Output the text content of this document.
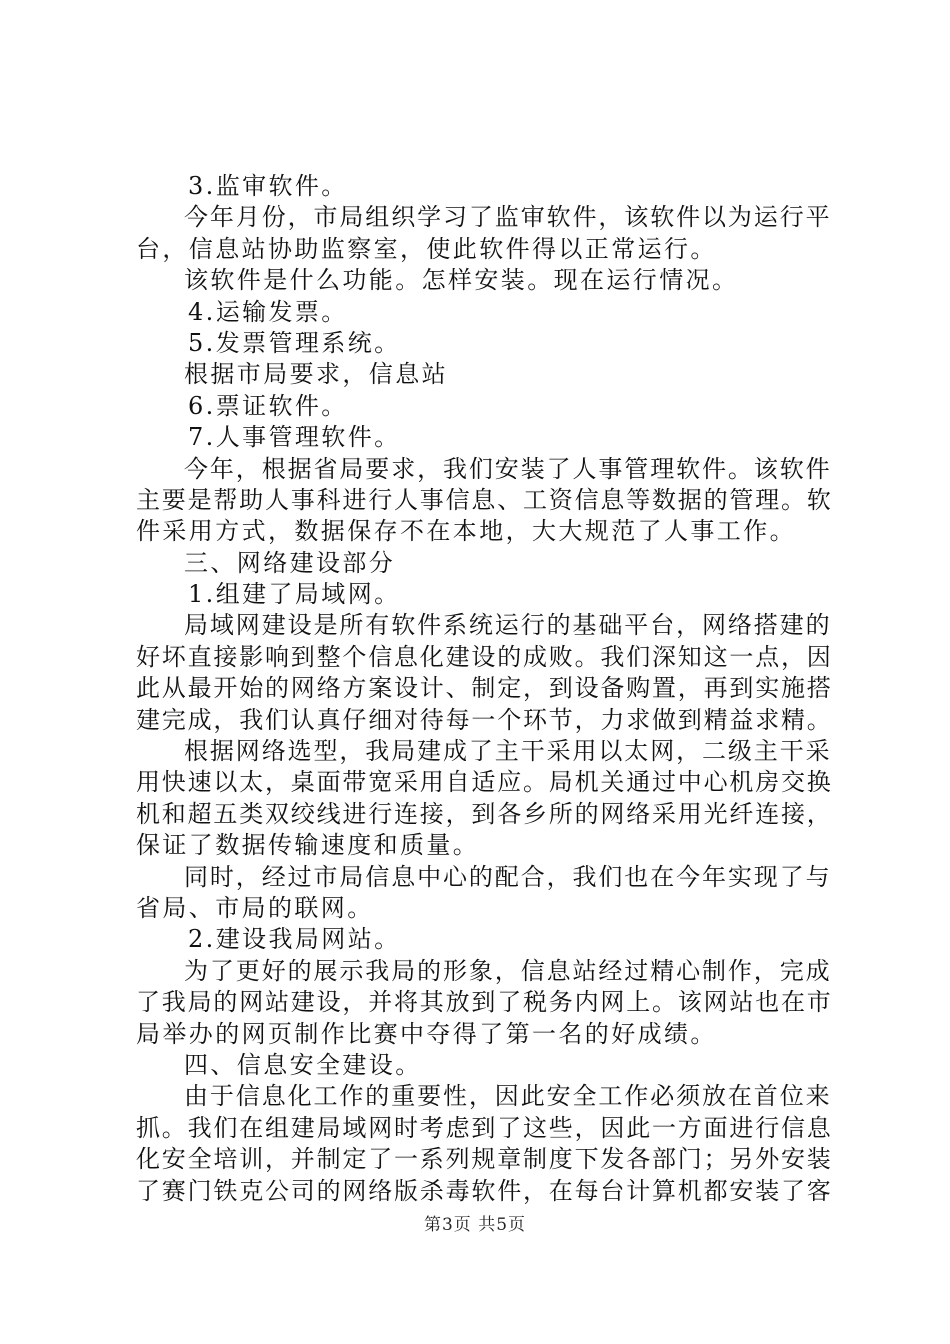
3.监审软件。
今年月份，市局组织学习了监审软件，该软件以为运行平
台，信息站协助监察室，使此软件得以正常运行。
该软件是什么功能。怎样安装。现在运行情况。
4.运输发票。
5.发票管理系统。
根据市局要求，信息站
6.票证软件。
7.人事管理软件。
今年，根据省局要求，我们安装了人事管理软件。该软件
主要是帮助人事科进行人事信息、工资信息等数据的管理。软
件采用方式，数据保存不在本地，大大规范了人事工作。
三、网络建设部分
1.组建了局域网。
局域网建设是所有软件系统运行的基础平台，网络搭建的
好坏直接影响到整个信息化建设的成败。我们深知这一点，因
此从最开始的网络方案设计、制定，到设备购置，再到实施搭
建完成，我们认真仔细对待每一个环节，力求做到精益求精。
根据网络选型，我局建成了主干采用以太网，二级主干采
用快速以太，桌面带宽采用自适应。局机关通过中心机房交换
机和超五类双绞线进行连接，到各乡所的网络采用光纤连接，
保证了数据传输速度和质量。
同时，经过市局信息中心的配合，我们也在今年实现了与
省局、市局的联网。
2.建设我局网站。
为了更好的展示我局的形象，信息站经过精心制作，完成
了我局的网站建设，并将其放到了税务内网上。该网站也在市
局举办的网页制作比赛中夺得了第一名的好成绩。
四、信息安全建设。
由于信息化工作的重要性，因此安全工作必须放在首位来
抓。我们在组建局域网时考虑到了这些，因此一方面进行信息
化安全培训，并制定了一系列规章制度下发各部门；另外安装
了赛门铁克公司的网络版杀毒软件，在每台计算机都安装了客
第3页 共5页
